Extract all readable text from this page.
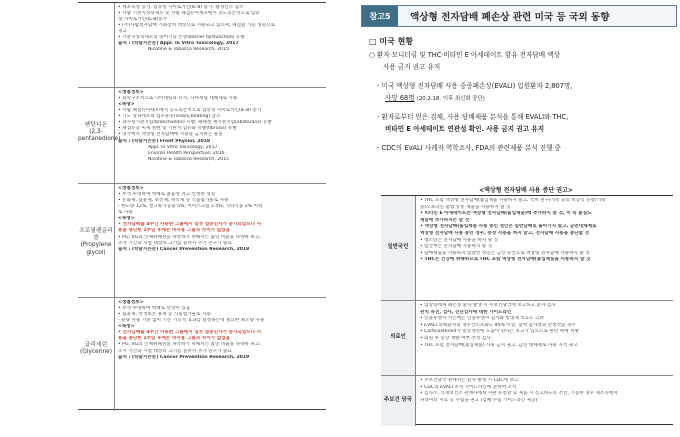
• 세포독성 증가, 염증성 사이토카인(IL-8) 증가, 활성산소 감소
• 사람 기관지상피세포 및 사람 폐섬유아세포에서 농도의존적으로 염증
성 사이토카인(IL-8)증가
• (주)사람전자담배 기화장치 액상으로 사용되고 있으며, 폐질환 가능 성분으로
경고
• 기관지상피세포의 방어기능 손상(barrier dysfunction) 유발
출처 : (학술지논문) Appl. In Vitro Toxicology, 2017
Nicotine & Tobacco Research, 2015
펜탄디온 (2,3-pentanedione)
<생첨정보>
• 화학구조적으로 디아세틸과 유사, 디아세틸 대체제로 사용
<독성>
• 사람 폐섬유아세포에서 농도의존적으로 염증성 사이토카인(IL-8) 증가
• 기도 상피세포의 섬모운동(ciliary beating) 감소
• 과사성기관지염(bronchiolitis) 유발, 폐쇄성 세기관지염(obliterans) 유발
• 폐섬유증 미세 병변 및 기관지 섬유화 유발(fibrosis) 유발
• 영국에서 액상형 전자담배에 사용을 금지하는 물질
출처 : (학술지논문) Front Physiol, 2018
Appl. In Vitro Toxicology, 2017
Environ Health Perspective, 2016
Nicotine & Tobacco Research, 2015
프로필렌글리콜 (Propylene glycol)
<성첨정보>
• 무색 투명하며 액체로 흡습성 적고 안정한 성질
• 유화제, 습윤제, 보존제, 희석제 등 식품첨가물로 사용
- 한도량 12%, 캔크류가공품 5%, 이이스크림 2.5%, 기타식품 2% 이하
로 사용
<독성>
• 전자담배를 4주간 사용한 그룹에서 일부 염증인자가 증가되었으나 사
용을 중단한 1주일 후에는 비사용 그룹과 차이가 없었음
• PG, VG의 인체위해성을 파악하기 위해서는 흡연 비율을 다양하 하고,
조사 기간과 시험 대상의 크기를 늘려서 추가 연구가 필요
출처 : (학술지논문) Cancer Prevention Research, 2019
글리세린 (Glycerine)
<성첨정보>
• 무색 투명하며 액체로 단맛이 있음
• 습윤제, 착색보존 용제 등 식품첨가물로 사용
- 용량 사용 기준 없이 기존 기능적 효과를 달성하는데 필요한 최소량 사용
<독성>
• 전자담배를 4주간 사용한 그룹에서 일부 염증인자가 증가되었으나 사
용을 중단한 1주일 후에는 비사용 그룹과 차이가 없었음
• PG, VG의 인체위해성을 파악하기 위해서는 흡연 비율을 다양하 하고,
조사 기간과 시험 대상의 크기를 늘려서 추가 연구가 필요
출처 : (학술지논문) Cancer Prevention Research, 2019
참고5	액상형 전자담배 폐손상 관련 미국 등 국외 동향
□ 미국 현황
○ 환자 모니터링 및 THC·비타민 E 아세테이트 함유 전자담배 액상
사용 금지 권고 유지
- 미국 액상형 전자담배 사용 중증폐손상(EVALI) 입원환자 2,807명,
사망 68명 (20.2.18. 이후 최신화 중단)
- 환자로부터 얻은 검체, 사용 담배제품 분석을 통해 EVALI와 THC,
비타민 E 아세테이트 연관성 확인. 사용 금지 권고 유지
- CDC의 EVALI 사례자 역학조사, FDA의 관련제품 분석 진행 중
<액상형 전자담배 사용 중단 권고>
일반국민
• THC 포함 액상형 전자담배(흡입제품 사용하지 말고, 특히 친구/가족 등의 비공식 유통/거래
중(오프라인 불법 유통 제품을 사용하지 말 것
• 비타민 E 아세테이트는 액상형 전자담배(흡입제품)에 추가하지 말 것, 이 외 물질도
제품에 추가하지는 말 것
• 액상형 전자담배(흡입제품 사용 중인 성인은 일반담배로 돌아가지 말고, 금연대체제로
액상형 전자담배 사용 중인 경우, 증상 사용을 하지 말고, 전자담배 사용을 중단할 것
• 청소년은 전자담배 사용을 하지 말 것
• 임산부는 전자담배 사용하지 말 것
• 담배제품을 사용하지 않았던 성인은 금연 유인으로 액상형 전자담배 사용하지 말 것
• THC는 건강에 위해하므로 THC 포함 액상형 전자담배(흡입제품을 사용하지 말 것
의료인
• 임상의에게 폐손상 환자 발생 시 주보건당국에 보고하고 환자 검사
완치 유전, 검사, 진단검사에 대한 가이드라인
• 인플루엔자 시즌에는 인플루엔자 검사와 항생제 치료도 고려
• EVALI 의해환자의 경우산소포화도 95% 이상, 혈액 검사결과 안정적일 경우
• Corticosteroid가 증상개선에 도움이 된다는 보고가 있으므로 판단 하에 처방
• 퇴원 후 증상 재발 여부 추적 검사
• THC·포함 전자담배(흡입제품) 사용 금지 권고, 금연 대체제로 사용 지적 권고
주보건 당국
• 주보건당국 관계자는 환자 발생 시 CDC에 보고
• CDC의 EVALI 조사 가이드라인에 준하여 조사
• 검사소, 식재보건소 관계자에게 시판 유통망 및 제품 시 신고하도록 조언, 기능한 경우 제조지에서
파라미터 시료 등 수집을 권고 (검체 수집 가이드라인 제공)
